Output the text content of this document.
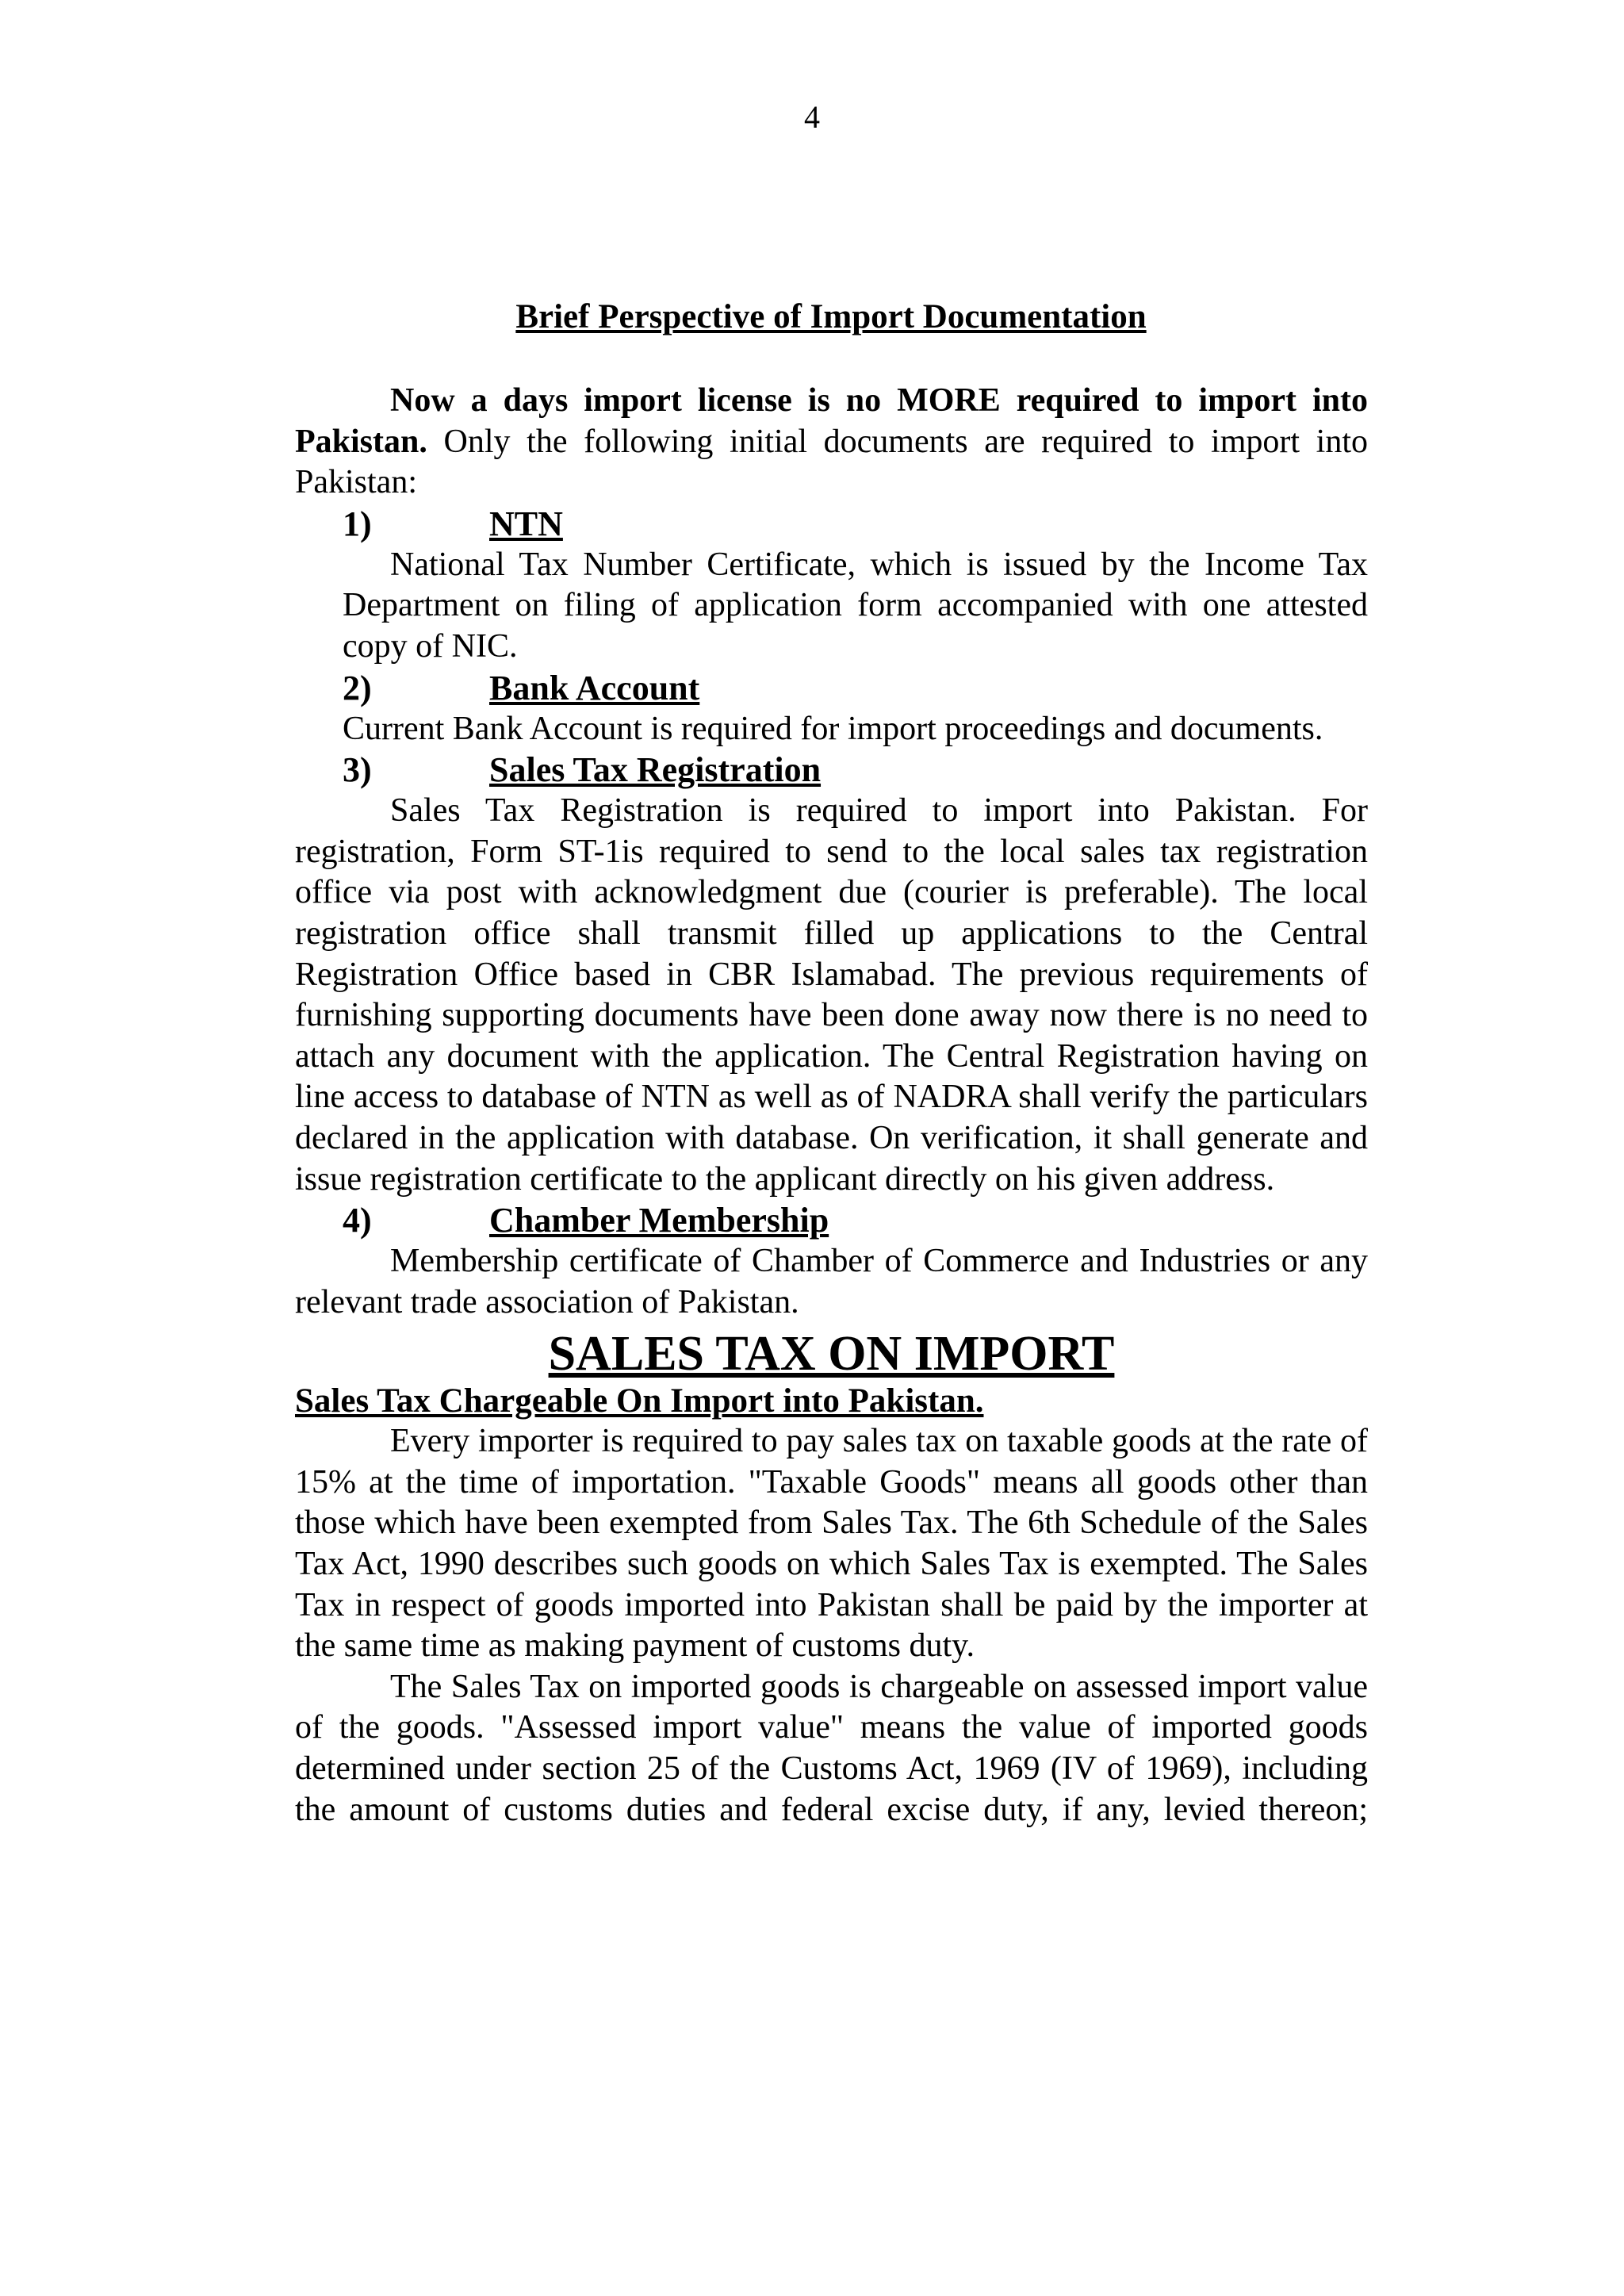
4
Brief Perspective of Import Documentation

Now a days import license is no MORE required to import into Pakistan. Only the following initial documents are required to import into Pakistan:

1)	NTN

National Tax Number Certificate, which is issued by the Income Tax Department on filing of application form accompanied with one attested copy of NIC.

2)	Bank Account

Current Bank Account is required for import proceedings and documents.

3)	Sales Tax Registration

Sales Tax Registration is required to import into Pakistan. For registration, Form ST-1is required to send to the local sales tax registration office via post with acknowledgment due (courier is preferable). The local registration office shall transmit filled up applications to the Central Registration Office based in CBR Islamabad. The previous requirements of furnishing supporting documents have been done away now there is no need to attach any document with the application. The Central Registration having on line access to database of NTN as well as of NADRA shall verify the particulars declared in the application with database. On verification, it shall generate and issue registration certificate to the applicant directly on his given address.

4)	Chamber Membership

Membership certificate of Chamber of Commerce and Industries or any relevant trade association of Pakistan.

SALES TAX ON IMPORT
Sales Tax Chargeable On Import into Pakistan.

Every importer is required to pay sales tax on taxable goods at the rate of 15% at the time of importation. "Taxable Goods" means all goods other than those which have been exempted from Sales Tax. The 6th Schedule of the Sales Tax Act, 1990 describes such goods on which Sales Tax is exempted. The Sales Tax in respect of goods imported into Pakistan shall be paid by the importer at the same time as making payment of customs duty.

The Sales Tax on imported goods is chargeable on assessed import value of the goods. "Assessed import value" means the value of imported goods determined under section 25 of the Customs Act, 1969 (IV of 1969), including the amount of customs duties and federal excise duty, if any, levied thereon;
